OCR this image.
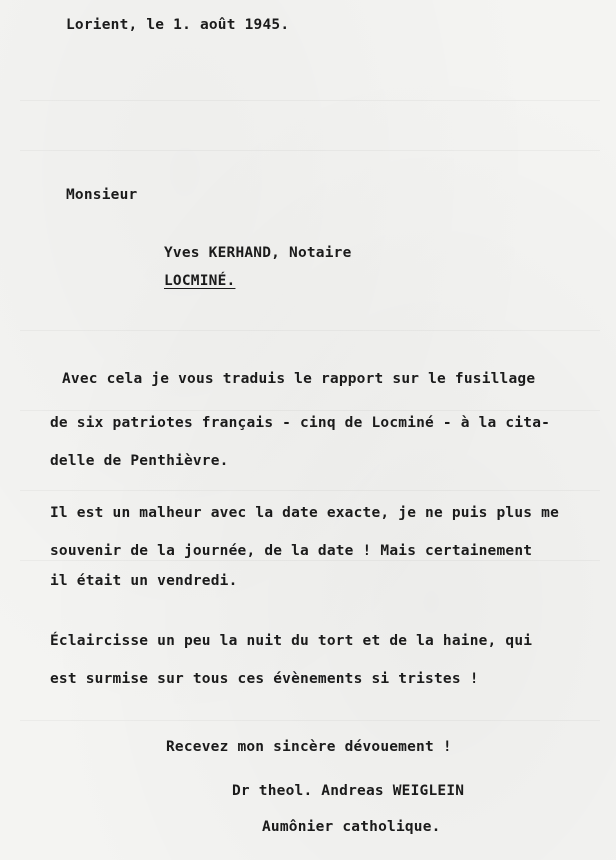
Lorient, le 1. août 1945.
Monsieur
Yves KERHAND, Notaire
LOCMINÉ.
Avec cela je vous traduis le rapport sur le fusillage
de six patriotes français - cinq de Locminé - à la cita-
delle de Penthièvre.
Il est un malheur avec la date exacte, je ne puis plus me
souvenir de la journée, de la date ! Mais certainement
il était un vendredi.
Éclaircisse un peu la nuit du tort et de la haine, qui
est surmise sur tous ces évènements si tristes !
Recevez mon sincère dévouement !
Dr theol. Andreas WEIGLEIN
Aumônier catholique.
